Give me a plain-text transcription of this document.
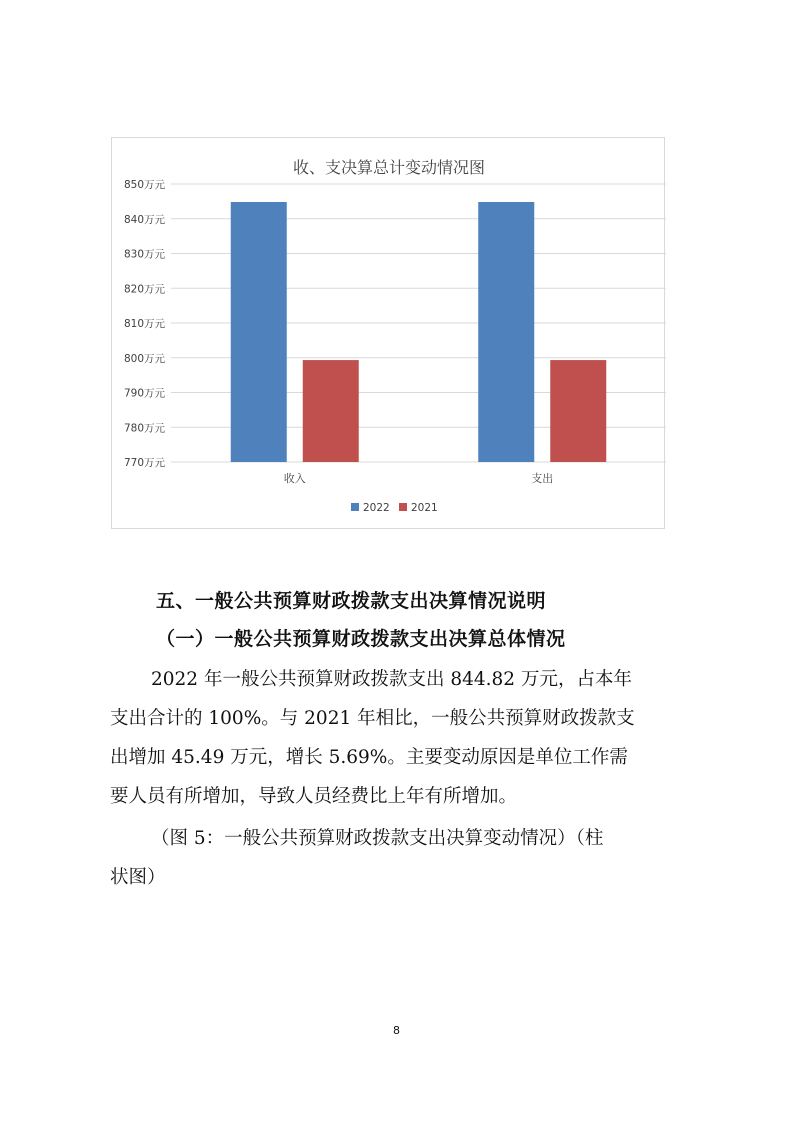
收、支决算总计变动情况图
770万元
780万元
790万元
800万元
810万元
820万元
830万元
840万元
850万元
收入	支出
2022 2021
五、一般公共预算财政拨款支出决算情况说明
（一）一般公共预算财政拨款支出决算总体情况
2022 年一般公共预算财政拨款支出 844.82 万元，占本年
支出合计的 100%。与 2021 年相比，一般公共预算财政拨款支
出增加 45.49 万元，增长 5.69%。主要变动原因是单位工作需
要人员有所增加，导致人员经费比上年有所增加。
（图 5：一般公共预算财政拨款支出决算变动情况）（柱
状图）
8
